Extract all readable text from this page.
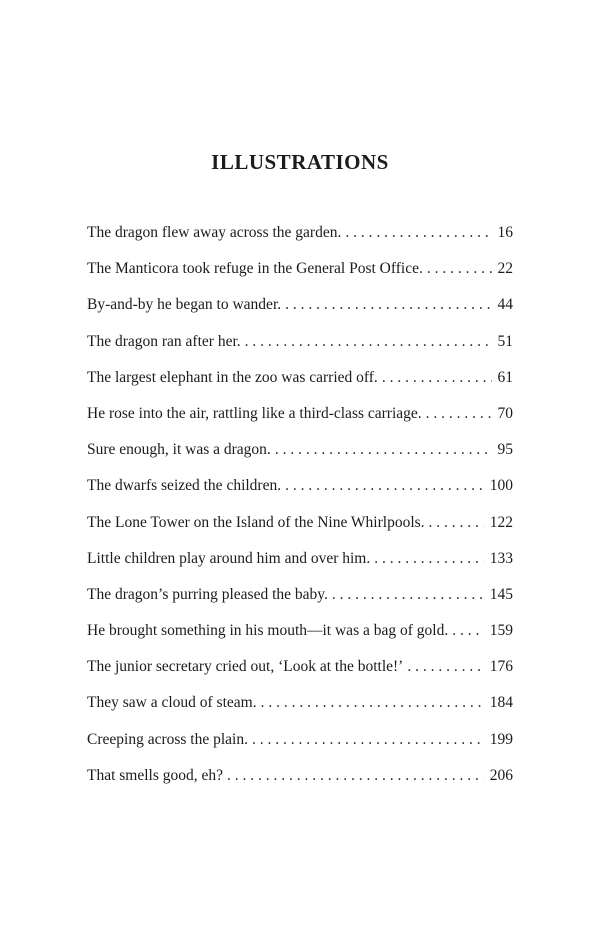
ILLUSTRATIONS
The dragon flew away across the garden. . . .	16
The Manticora took refuge in the General Post Office. . . .	22
By-and-by he began to wander. . . .	44
The dragon ran after her. . . .	51
The largest elephant in the zoo was carried off. . . .	61
He rose into the air, rattling like a third-class carriage. . . .	70
Sure enough, it was a dragon. . . .	95
The dwarfs seized the children. . . .	100
The Lone Tower on the Island of the Nine Whirlpools. . . .	122
Little children play around him and over him. . . .	133
The dragon’s purring pleased the baby. . . .	145
He brought something in his mouth—it was a bag of gold. . . .	159
The junior secretary cried out, ‘Look at the bottle!’ . . .	176
They saw a cloud of steam. . . .	184
Creeping across the plain. . . .	199
That smells good, eh? . . .	206
